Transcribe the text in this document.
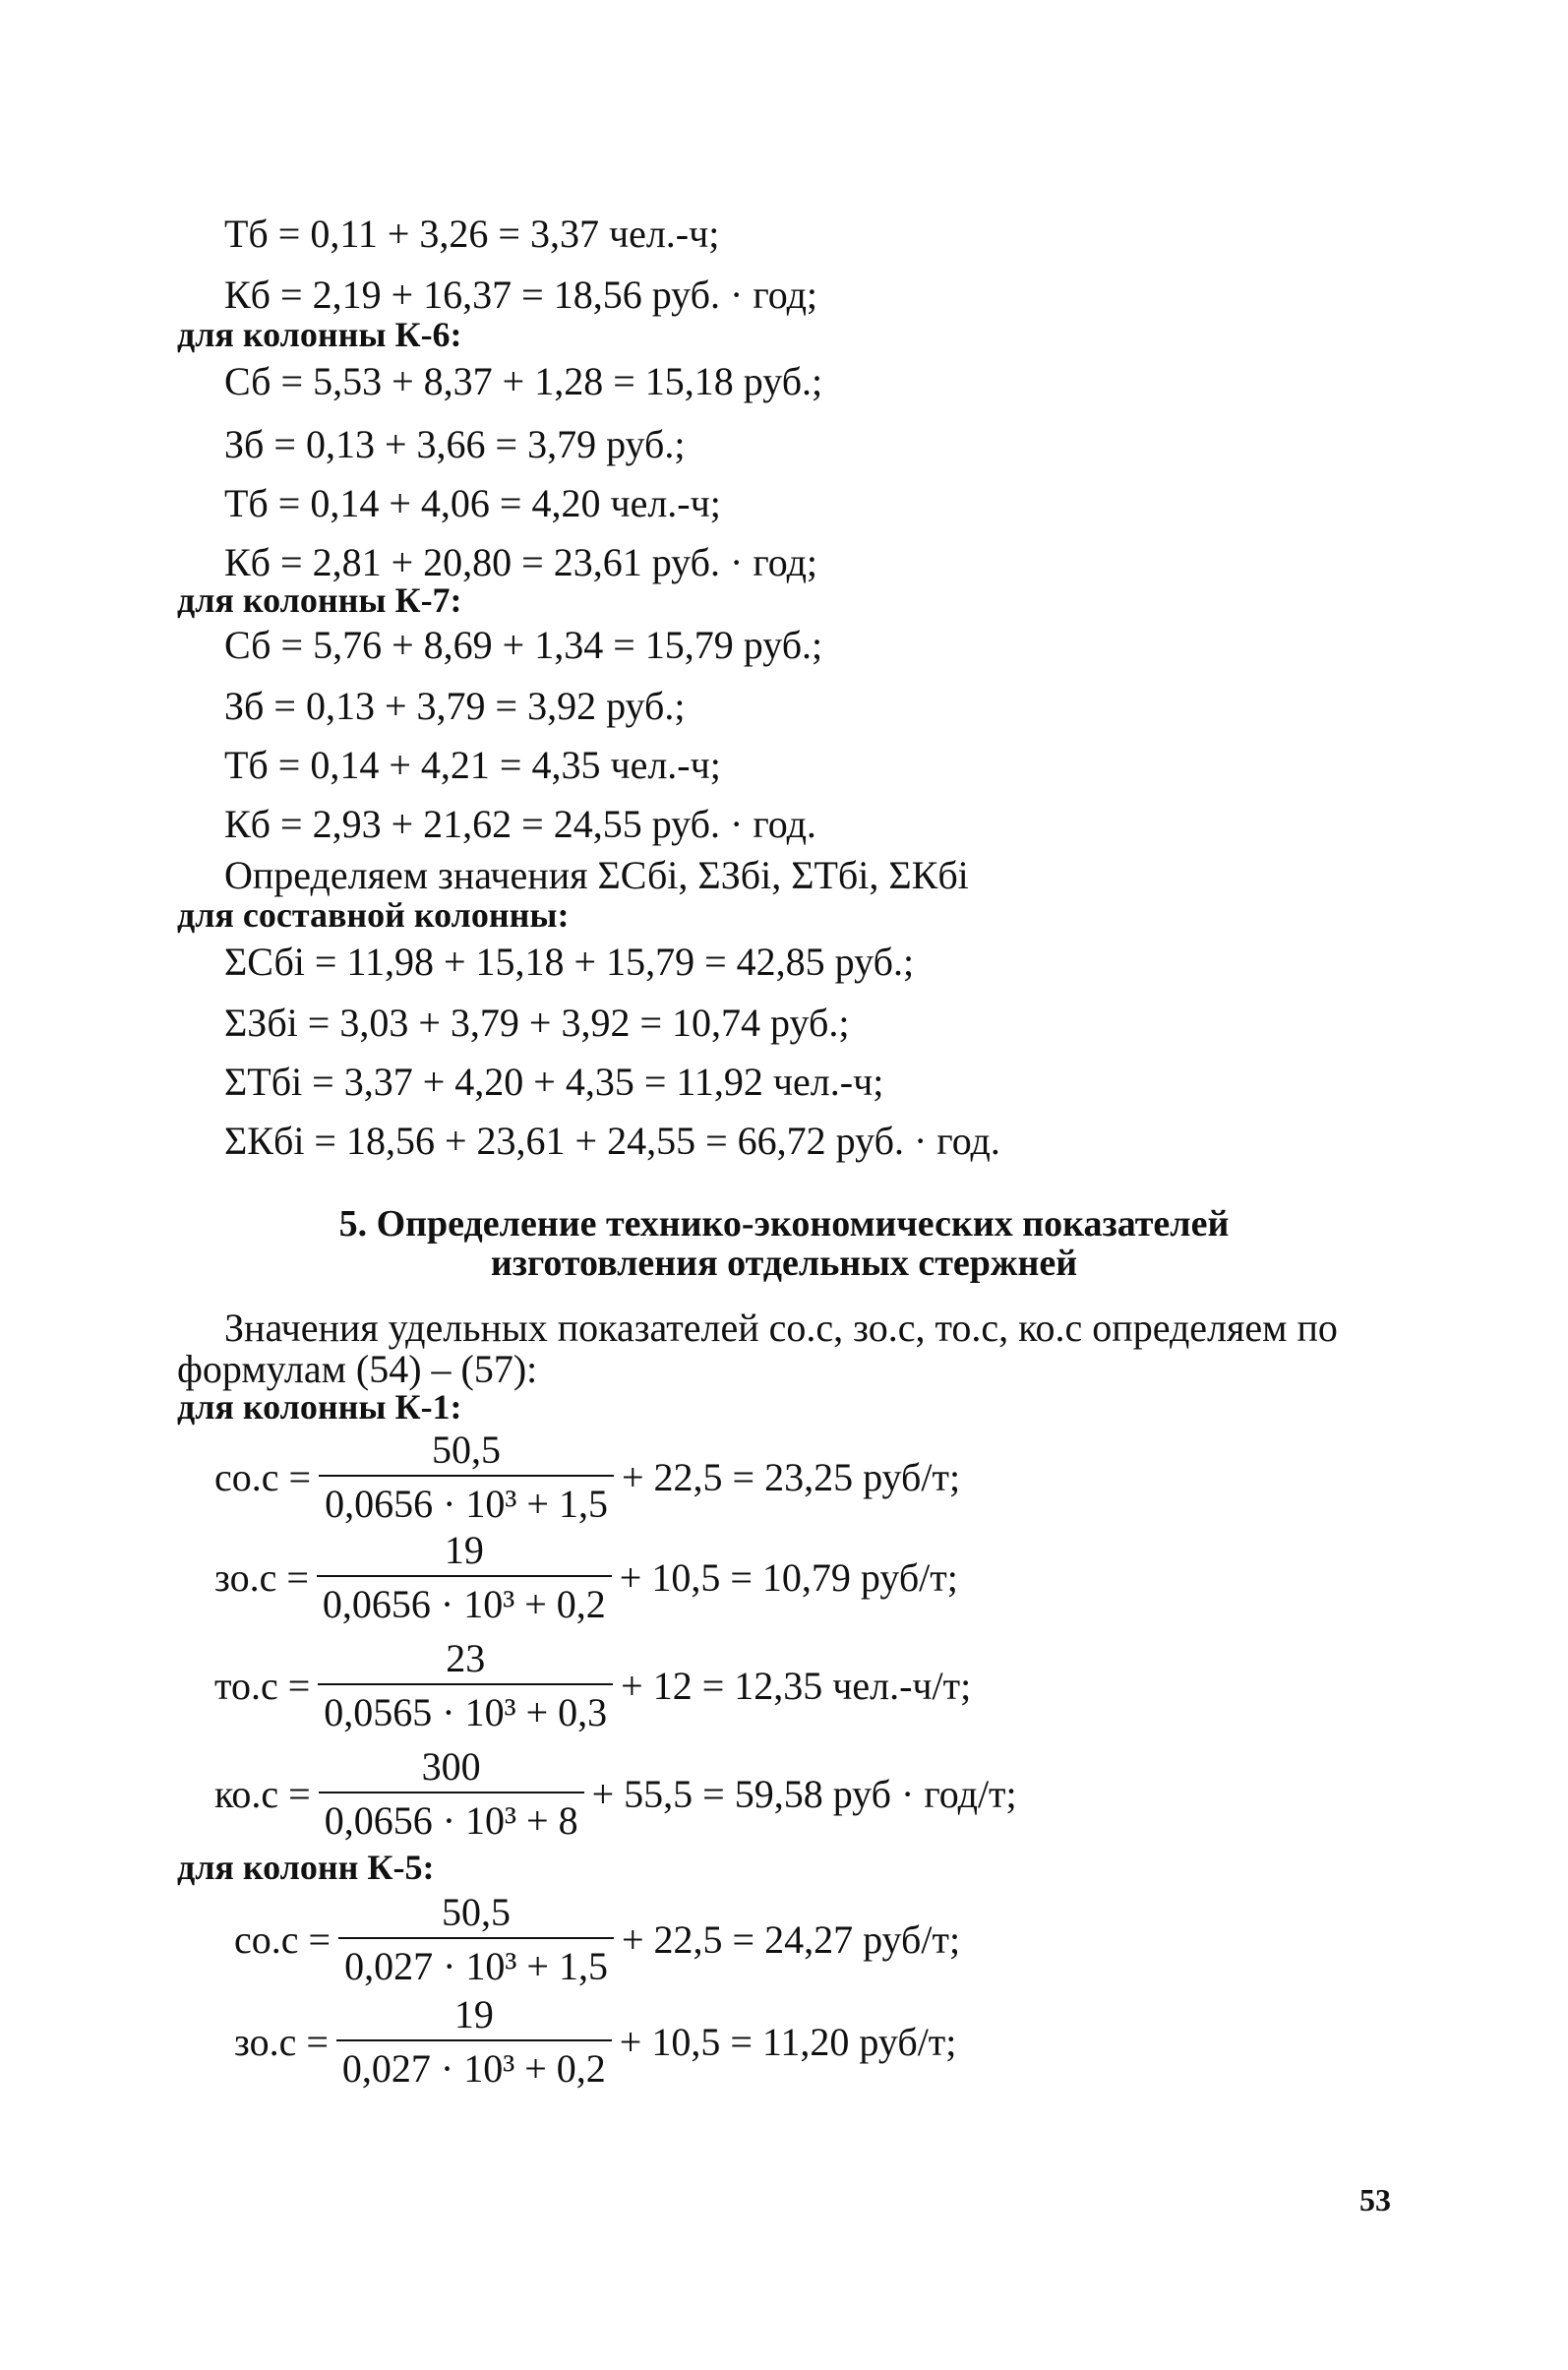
Тб = 0,11 + 3,26 = 3,37 чел.-ч;
Кб = 2,19 + 16,37 = 18,56 руб. · год;
для колонны К-6:
Сб = 5,53 + 8,37 + 1,28 = 15,18 руб.;
Зб = 0,13 + 3,66 = 3,79 руб.;
Тб = 0,14 + 4,06 = 4,20 чел.-ч;
Кб = 2,81 + 20,80 = 23,61 руб. · год;
для колонны К-7:
Сб = 5,76 + 8,69 + 1,34 = 15,79 руб.;
Зб = 0,13 + 3,79 = 3,92 руб.;
Тб = 0,14 + 4,21 = 4,35 чел.-ч;
Кб = 2,93 + 21,62 = 24,55 руб. · год.
Определяем значения ΣСбi, ΣЗбi, ΣТбi, ΣКбi
для составной колонны:
ΣСбi = 11,98 + 15,18 + 15,79 = 42,85 руб.;
ΣЗбi = 3,03 + 3,79 + 3,92 = 10,74 руб.;
ΣТбi = 3,37 + 4,20 + 4,35 = 11,92 чел.-ч;
ΣКбi = 18,56 + 23,61 + 24,55 = 66,72 руб. · год.
5. Определение технико-экономических показателей
изготовления отдельных стержней
Значения удельных показателей со.с, зо.с, то.с, ко.с определяем по
формулам (54) – (57):
для колонны К-1:
$со.с = \frac{50,5}{\text{0,0656 · 10³ + 1,5}} + 22,5 = 23,25$ руб/т;
$зо.с = \frac{19}{\text{0,0656 · 10³ + 0,2}} + 10,5 = 10,79$ руб/т;
$то.с = \frac{23}{\text{0,0565 · 10³ + 0,3}} + 12 = 12,35$ чел.-ч/т;
$ко.с = \frac{300}{\text{0,0656 · 10³ + 8}} + 55,5 = 59,58$ руб · год/т;
для колонн К-5:
$со.с = \frac{50,5}{\text{0,027 · 10³ + 1,5}} + 22,5 = 24,27$ руб/т;
$зо.с = \frac{19}{\text{0,027 · 10³ + 0,2}} + 10,5 = 11,20$ руб/т;
53
